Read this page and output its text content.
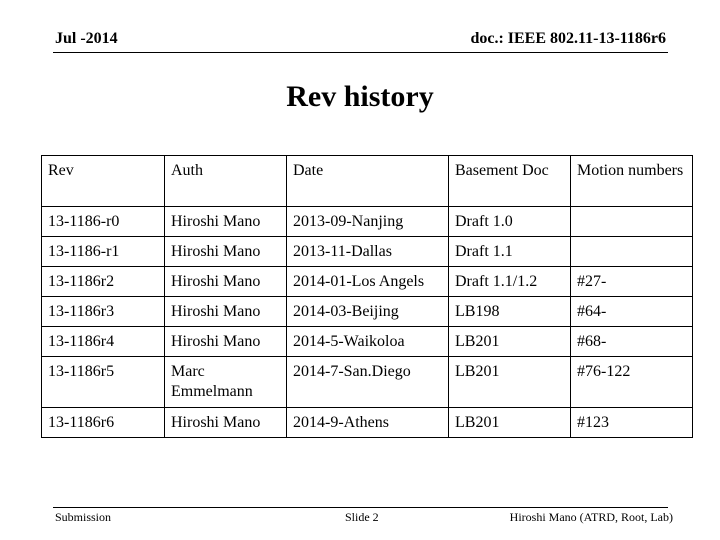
Jul -2014	doc.: IEEE 802.11-13-1186r6
Rev history
Rev	Auth	Date	Basement Doc	Motion numbers
13-1186-r0	Hiroshi Mano	2013-09-Nanjing	Draft 1.0	
13-1186-r1	Hiroshi Mano	2013-11-Dallas	Draft 1.1	
13-1186r2	Hiroshi Mano	2014-01-Los Angels	Draft 1.1/1.2	#27-
13-1186r3	Hiroshi Mano	2014-03-Beijing	LB198	#64-
13-1186r4	Hiroshi Mano	2014-5-Waikoloa	LB201	#68-
13-1186r5	Marc Emmelmann	2014-7-San.Diego	LB201	#76-122
13-1186r6	Hiroshi Mano	2014-9-Athens	LB201	#123
Submission	Slide 2	Hiroshi Mano (ATRD, Root, Lab)
